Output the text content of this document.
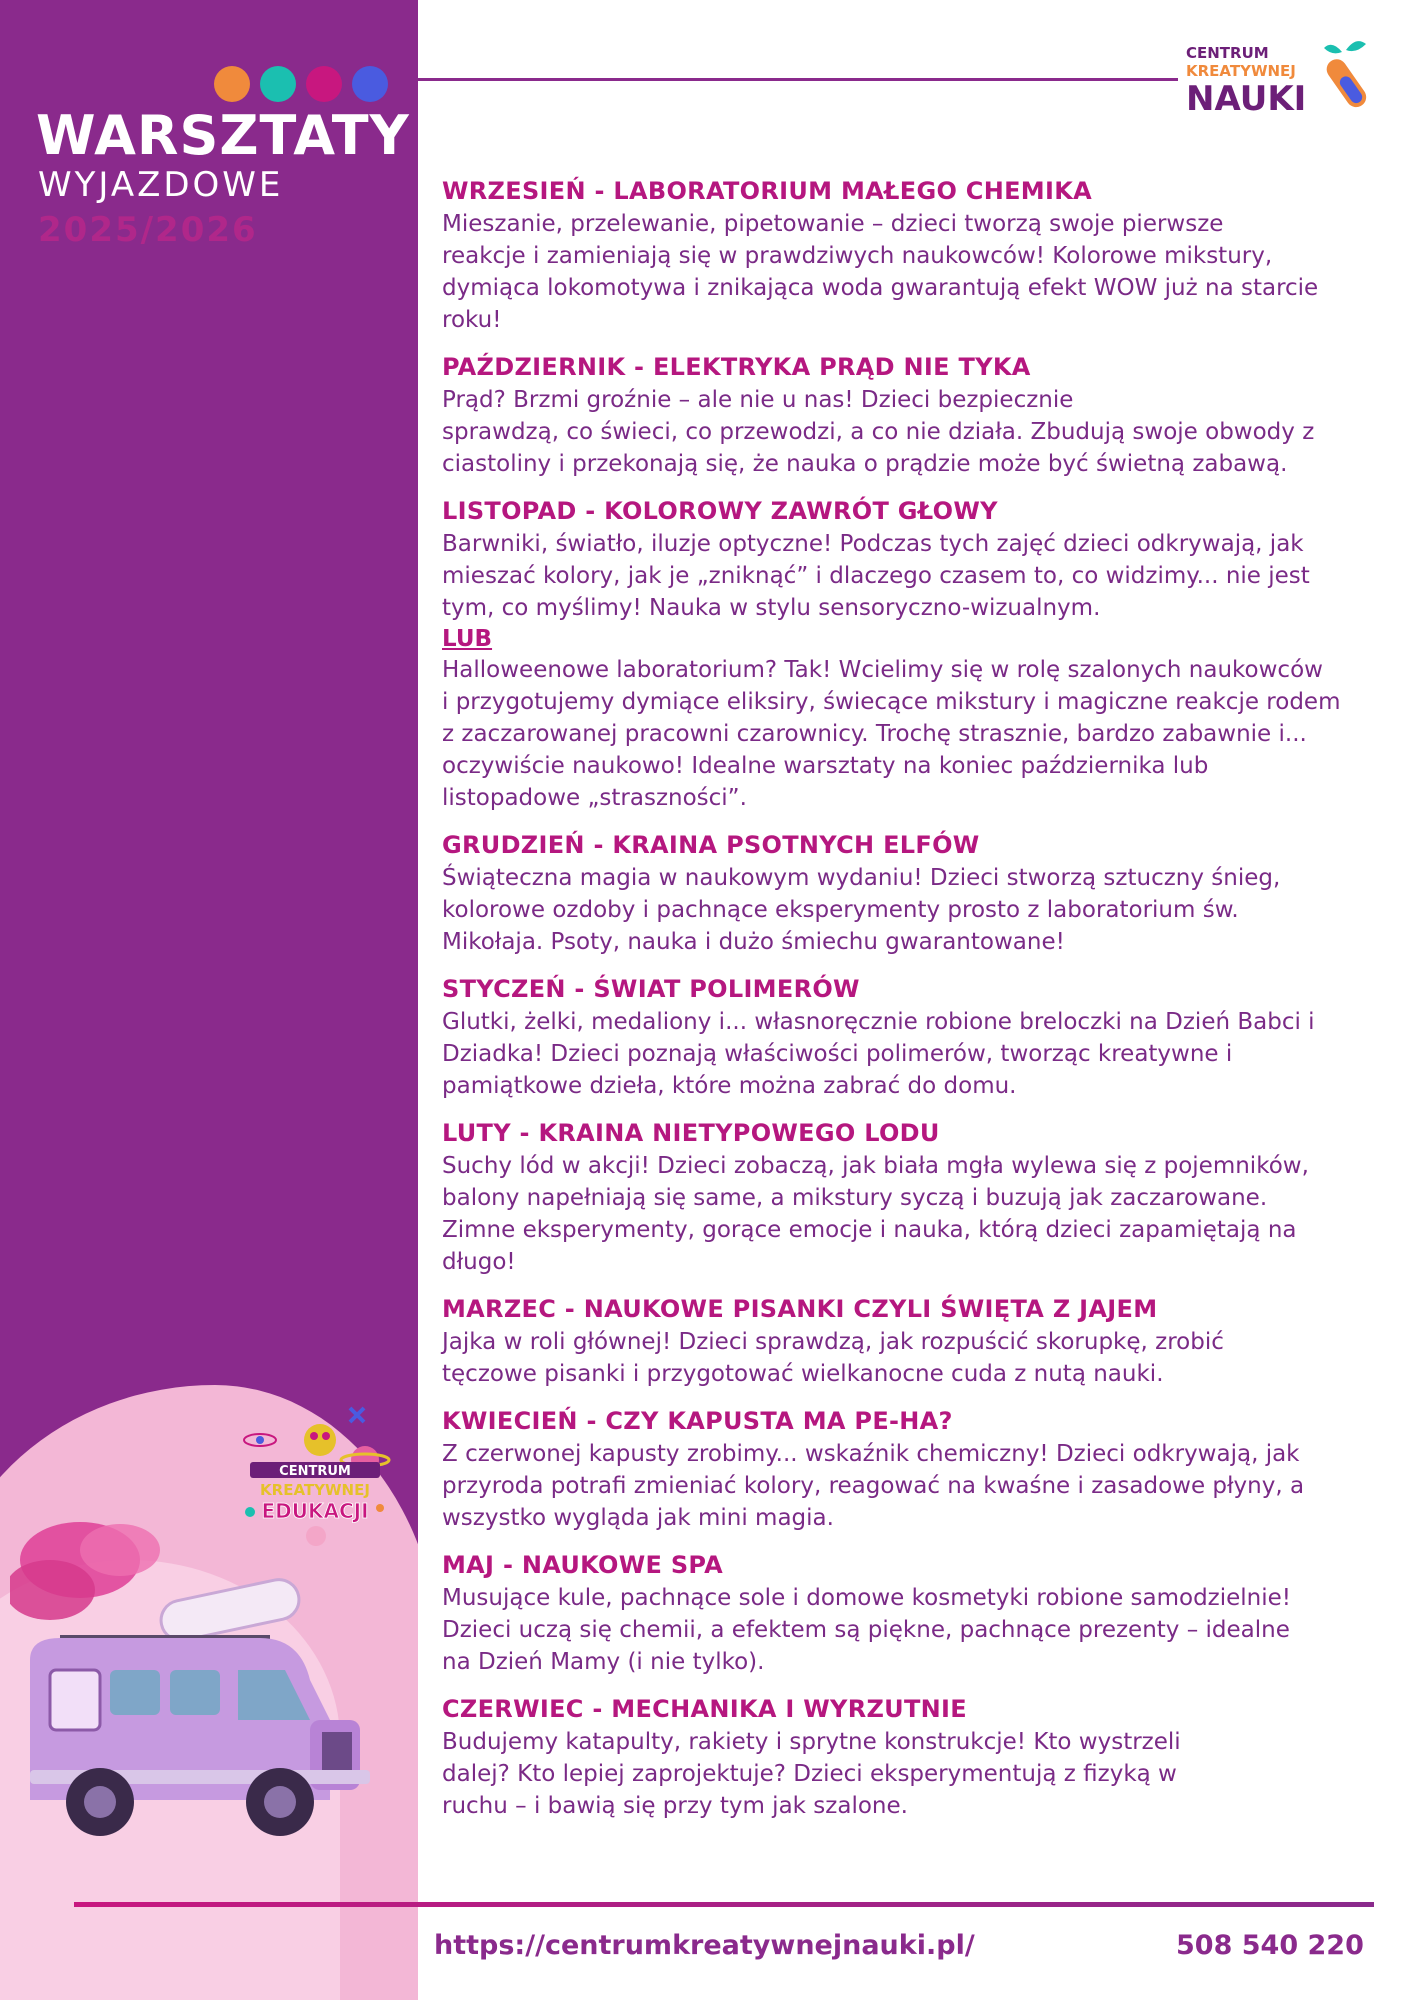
WARSZTATY
WYJAZDOWE
2025/2026
CENTRUM
KREATYWNEJ
EDUKACJI
CENTRUM
KREATYWNEJ
NAUKI
WRZESIEŃ - LABORATORIUM MAŁEGO CHEMIKA
Mieszanie, przelewanie, pipetowanie – dzieci tworzą swoje pierwsze
reakcje i zamieniają się w prawdziwych naukowców! Kolorowe mikstury,
dymiąca lokomotywa i znikająca woda gwarantują efekt WOW już na starcie
roku!
PAŹDZIERNIK - ELEKTRYKA PRĄD NIE TYKA
Prąd? Brzmi groźnie – ale nie u nas! Dzieci bezpiecznie
sprawdzą, co świeci, co przewodzi, a co nie działa. Zbudują swoje obwody z
ciastoliny i przekonają się, że nauka o prądzie może być świetną zabawą.
LISTOPAD - KOLOROWY ZAWRÓT GŁOWY
Barwniki, światło, iluzje optyczne! Podczas tych zajęć dzieci odkrywają, jak
mieszać kolory, jak je „zniknąć” i dlaczego czasem to, co widzimy... nie jest
tym, co myślimy! Nauka w stylu sensoryczno-wizualnym.
LUB
Halloweenowe laboratorium? Tak! Wcielimy się w rolę szalonych naukowców
i przygotujemy dymiące eliksiry, świecące mikstury i magiczne reakcje rodem
z zaczarowanej pracowni czarownicy. Trochę strasznie, bardzo zabawnie i...
oczywiście naukowo! Idealne warsztaty na koniec października lub
listopadowe „straszności”.
GRUDZIEŃ - KRAINA PSOTNYCH ELFÓW
Świąteczna magia w naukowym wydaniu! Dzieci stworzą sztuczny śnieg,
kolorowe ozdoby i pachnące eksperymenty prosto z laboratorium św.
Mikołaja. Psoty, nauka i dużo śmiechu gwarantowane!
STYCZEŃ - ŚWIAT POLIMERÓW
Glutki, żelki, medaliony i... własnoręcznie robione breloczki na Dzień Babci i
Dziadka! Dzieci poznają właściwości polimerów, tworząc kreatywne i
pamiątkowe dzieła, które można zabrać do domu.
LUTY - KRAINA NIETYPOWEGO LODU
Suchy lód w akcji! Dzieci zobaczą, jak biała mgła wylewa się z pojemników,
balony napełniają się same, a mikstury syczą i buzują jak zaczarowane.
Zimne eksperymenty, gorące emocje i nauka, którą dzieci zapamiętają na
długo!
MARZEC - NAUKOWE PISANKI CZYLI ŚWIĘTA Z JAJEM
Jajka w roli głównej! Dzieci sprawdzą, jak rozpuścić skorupkę, zrobić
tęczowe pisanki i przygotować wielkanocne cuda z nutą nauki.
KWIECIEŃ - CZY KAPUSTA MA PE-HA?
Z czerwonej kapusty zrobimy... wskaźnik chemiczny! Dzieci odkrywają, jak
przyroda potrafi zmieniać kolory, reagować na kwaśne i zasadowe płyny, a
wszystko wygląda jak mini magia.
MAJ - NAUKOWE SPA
Musujące kule, pachnące sole i domowe kosmetyki robione samodzielnie!
Dzieci uczą się chemii, a efektem są piękne, pachnące prezenty – idealne
na Dzień Mamy (i nie tylko).
CZERWIEC - MECHANIKA I WYRZUTNIE
Budujemy katapulty, rakiety i sprytne konstrukcje! Kto wystrzeli
dalej? Kto lepiej zaprojektuje? Dzieci eksperymentują z fizyką w
ruchu – i bawią się przy tym jak szalone.
https://centrumkreatywnejnauki.pl/	508 540 220
